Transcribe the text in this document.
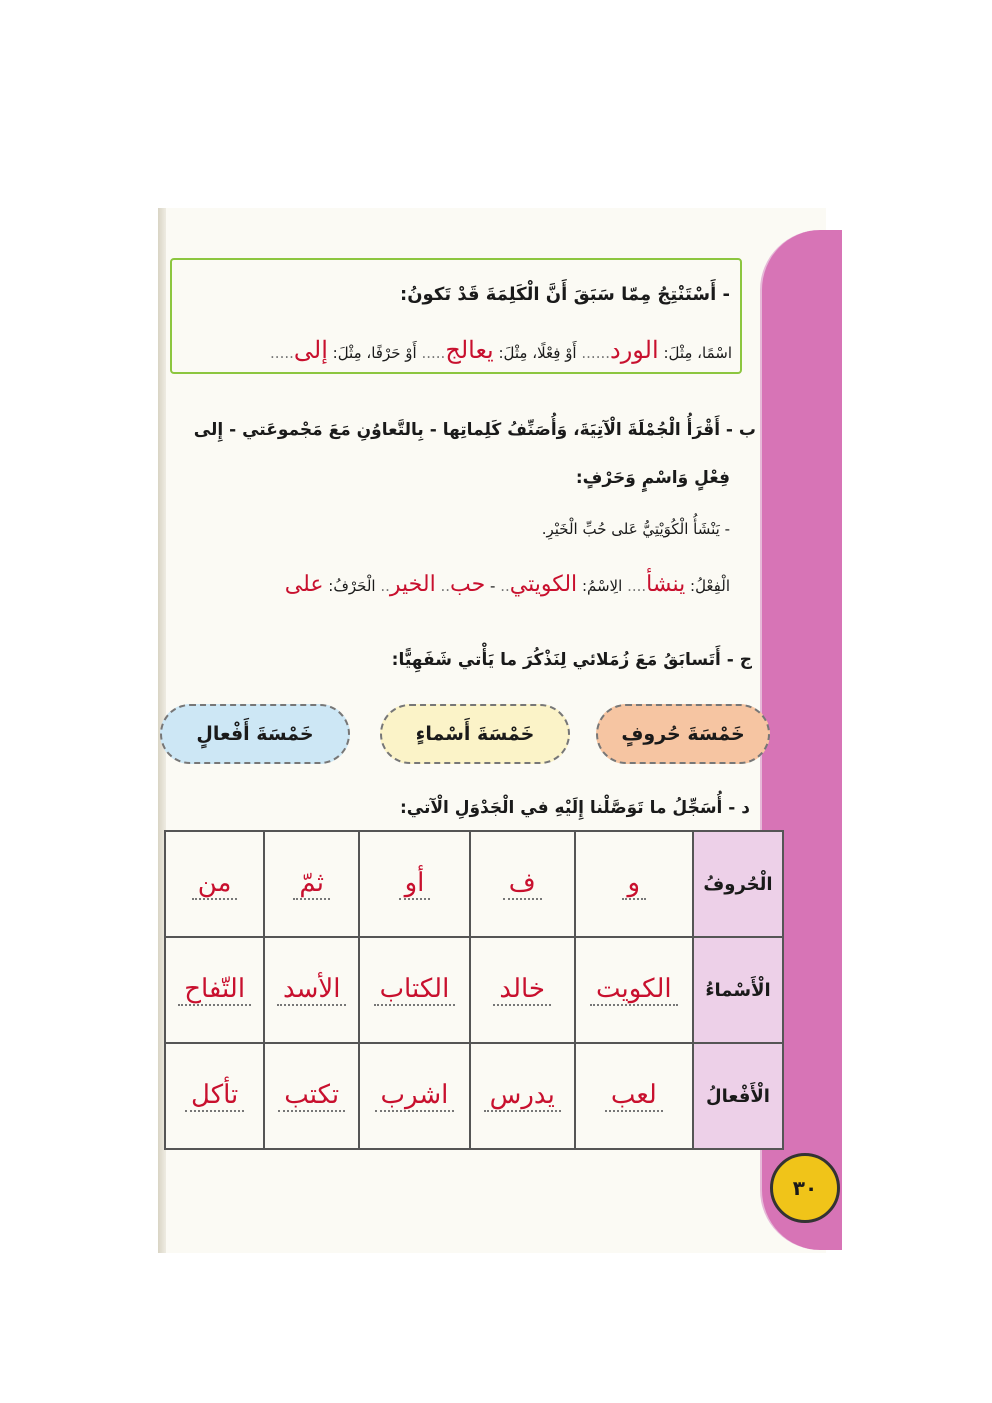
- أَسْتَنْتِجُ مِمّا سَبَقَ أَنَّ الْكَلِمَةَ قَدْ تَكونُ:
اسْمًا، مِثْلَ: الورد...... أَوْ فِعْلًا، مِثْلَ: يعالج..... أَوْ حَرْفًا، مِثْلَ: إلى.....
ب - أَقْرَأُ الْجُمْلَةَ الْآتِيَةَ، وَأُصَنِّفُ كَلِماتِها - بِالتَّعاوُنِ مَعَ مَجْموعَتي - إِلى
فِعْلٍ وَاسْمٍ وَحَرْفٍ:
- يَنْشَأُ الْكُوَيْتِيُّ عَلى حُبِّ الْخَيْرِ.
الْفِعْلُ: ينشأ.... الِاسْمُ: الكويتي.. - حب.. الخير.. الْحَرْفُ: على
ج - أَتَسابَقُ مَعَ زُمَلائي لِنَذْكُرَ ما يَأْتي شَفَهِيًّا:
خَمْسَةَ حُروفٍ
خَمْسَةَ أَسْماءٍ
خَمْسَةَ أَفْعالٍ
د - أُسَجِّلُ ما تَوَصَّلْنا إِلَيْهِ في الْجَدْوَلِ الْآتي:
الْحُروفُ	و	ف	أو	ثمّ	من
الْأَسْماءُ	الكويت	خالد	الكتاب	الأسد	التّفاح
الْأَفْعالُ	لعب	يدرس	اشرب	تكتب	تأكل
٣٠
